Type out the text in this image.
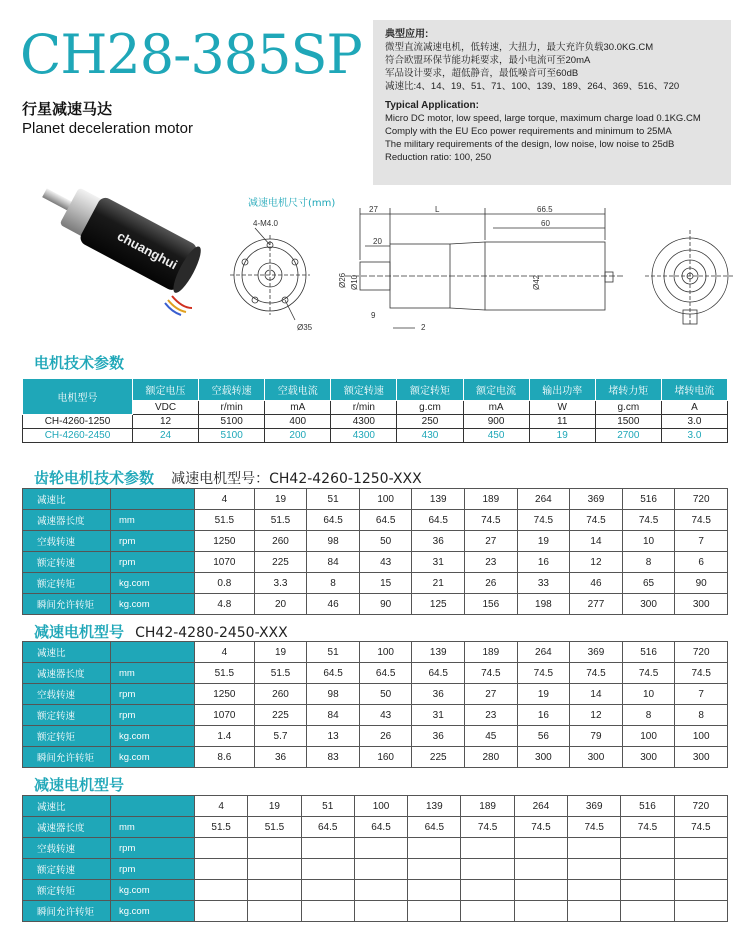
CH28-385SP
行星减速马达
Planet deceleration motor
典型应用:
微型直流减速电机，低转速，大扭力，最大充许负载30.0KG.CM
符合欧盟环保节能功耗要求，最小电流可至20mA
军品设计要求，超低静音，最低噪音可至60dB
减速比:4、14、19、51、71、100、139、189、264、369、516、720
Typical Application:
Micro DC motor, low speed, large torque, maximum charge load 0.1KG.CM
Comply with the EU Eco power requirements and minimum to 25MA
The military requirements of the design, low noise, low noise to 25dB
Reduction ratio: 100, 250
chuanghui
减速电机尺寸(mm)
4-M4.0
Ø35
27	L	66.5
60
20
Ø26 Ø10	Ø42
9
2
电机技术参数
电机型号	额定电压	空载转速	空载电流	额定转速	额定转矩	额定电流	输出功率	堵转力矩	堵转电流
	VDC	r/min	mA	r/min	g.cm	mA	W	g.cm	A
CH-4260-1250	12	5100	400	4300	250	900	11	1500	3.0
CH-4260-2450	24	5100	200	4300	430	450	19	2700	3.0
齿轮电机技术参数 减速电机型号：CH42-4260-1250-XXX
减速比		4	19	51	100	139	189	264	369	516	720
减速器长度	mm	51.5	51.5	64.5	64.5	64.5	74.5	74.5	74.5	74.5	74.5
空载转速	rpm	1250	260	98	50	36	27	19	14	10	7
额定转速	rpm	1070	225	84	43	31	23	16	12	8	6
额定转矩	kg.com	0.8	3.3	8	15	21	26	33	46	65	90
瞬间允许转矩	kg.com	4.8	20	46	90	125	156	198	277	300	300
减速电机型号 CH42-4280-2450-XXX
减速比		4	19	51	100	139	189	264	369	516	720
减速器长度	mm	51.5	51.5	64.5	64.5	64.5	74.5	74.5	74.5	74.5	74.5
空载转速	rpm	1250	260	98	50	36	27	19	14	10	7
额定转速	rpm	1070	225	84	43	31	23	16	12	8	8
额定转矩	kg.com	1.4	5.7	13	26	36	45	56	79	100	100
瞬间允许转矩	kg.com	8.6	36	83	160	225	280	300	300	300	300
减速电机型号
减速比		4	19	51	100	139	189	264	369	516	720
减速器长度	mm	51.5	51.5	64.5	64.5	64.5	74.5	74.5	74.5	74.5	74.5
空载转速	rpm										
额定转速	rpm										
额定转矩	kg.com										
瞬间允许转矩	kg.com										
